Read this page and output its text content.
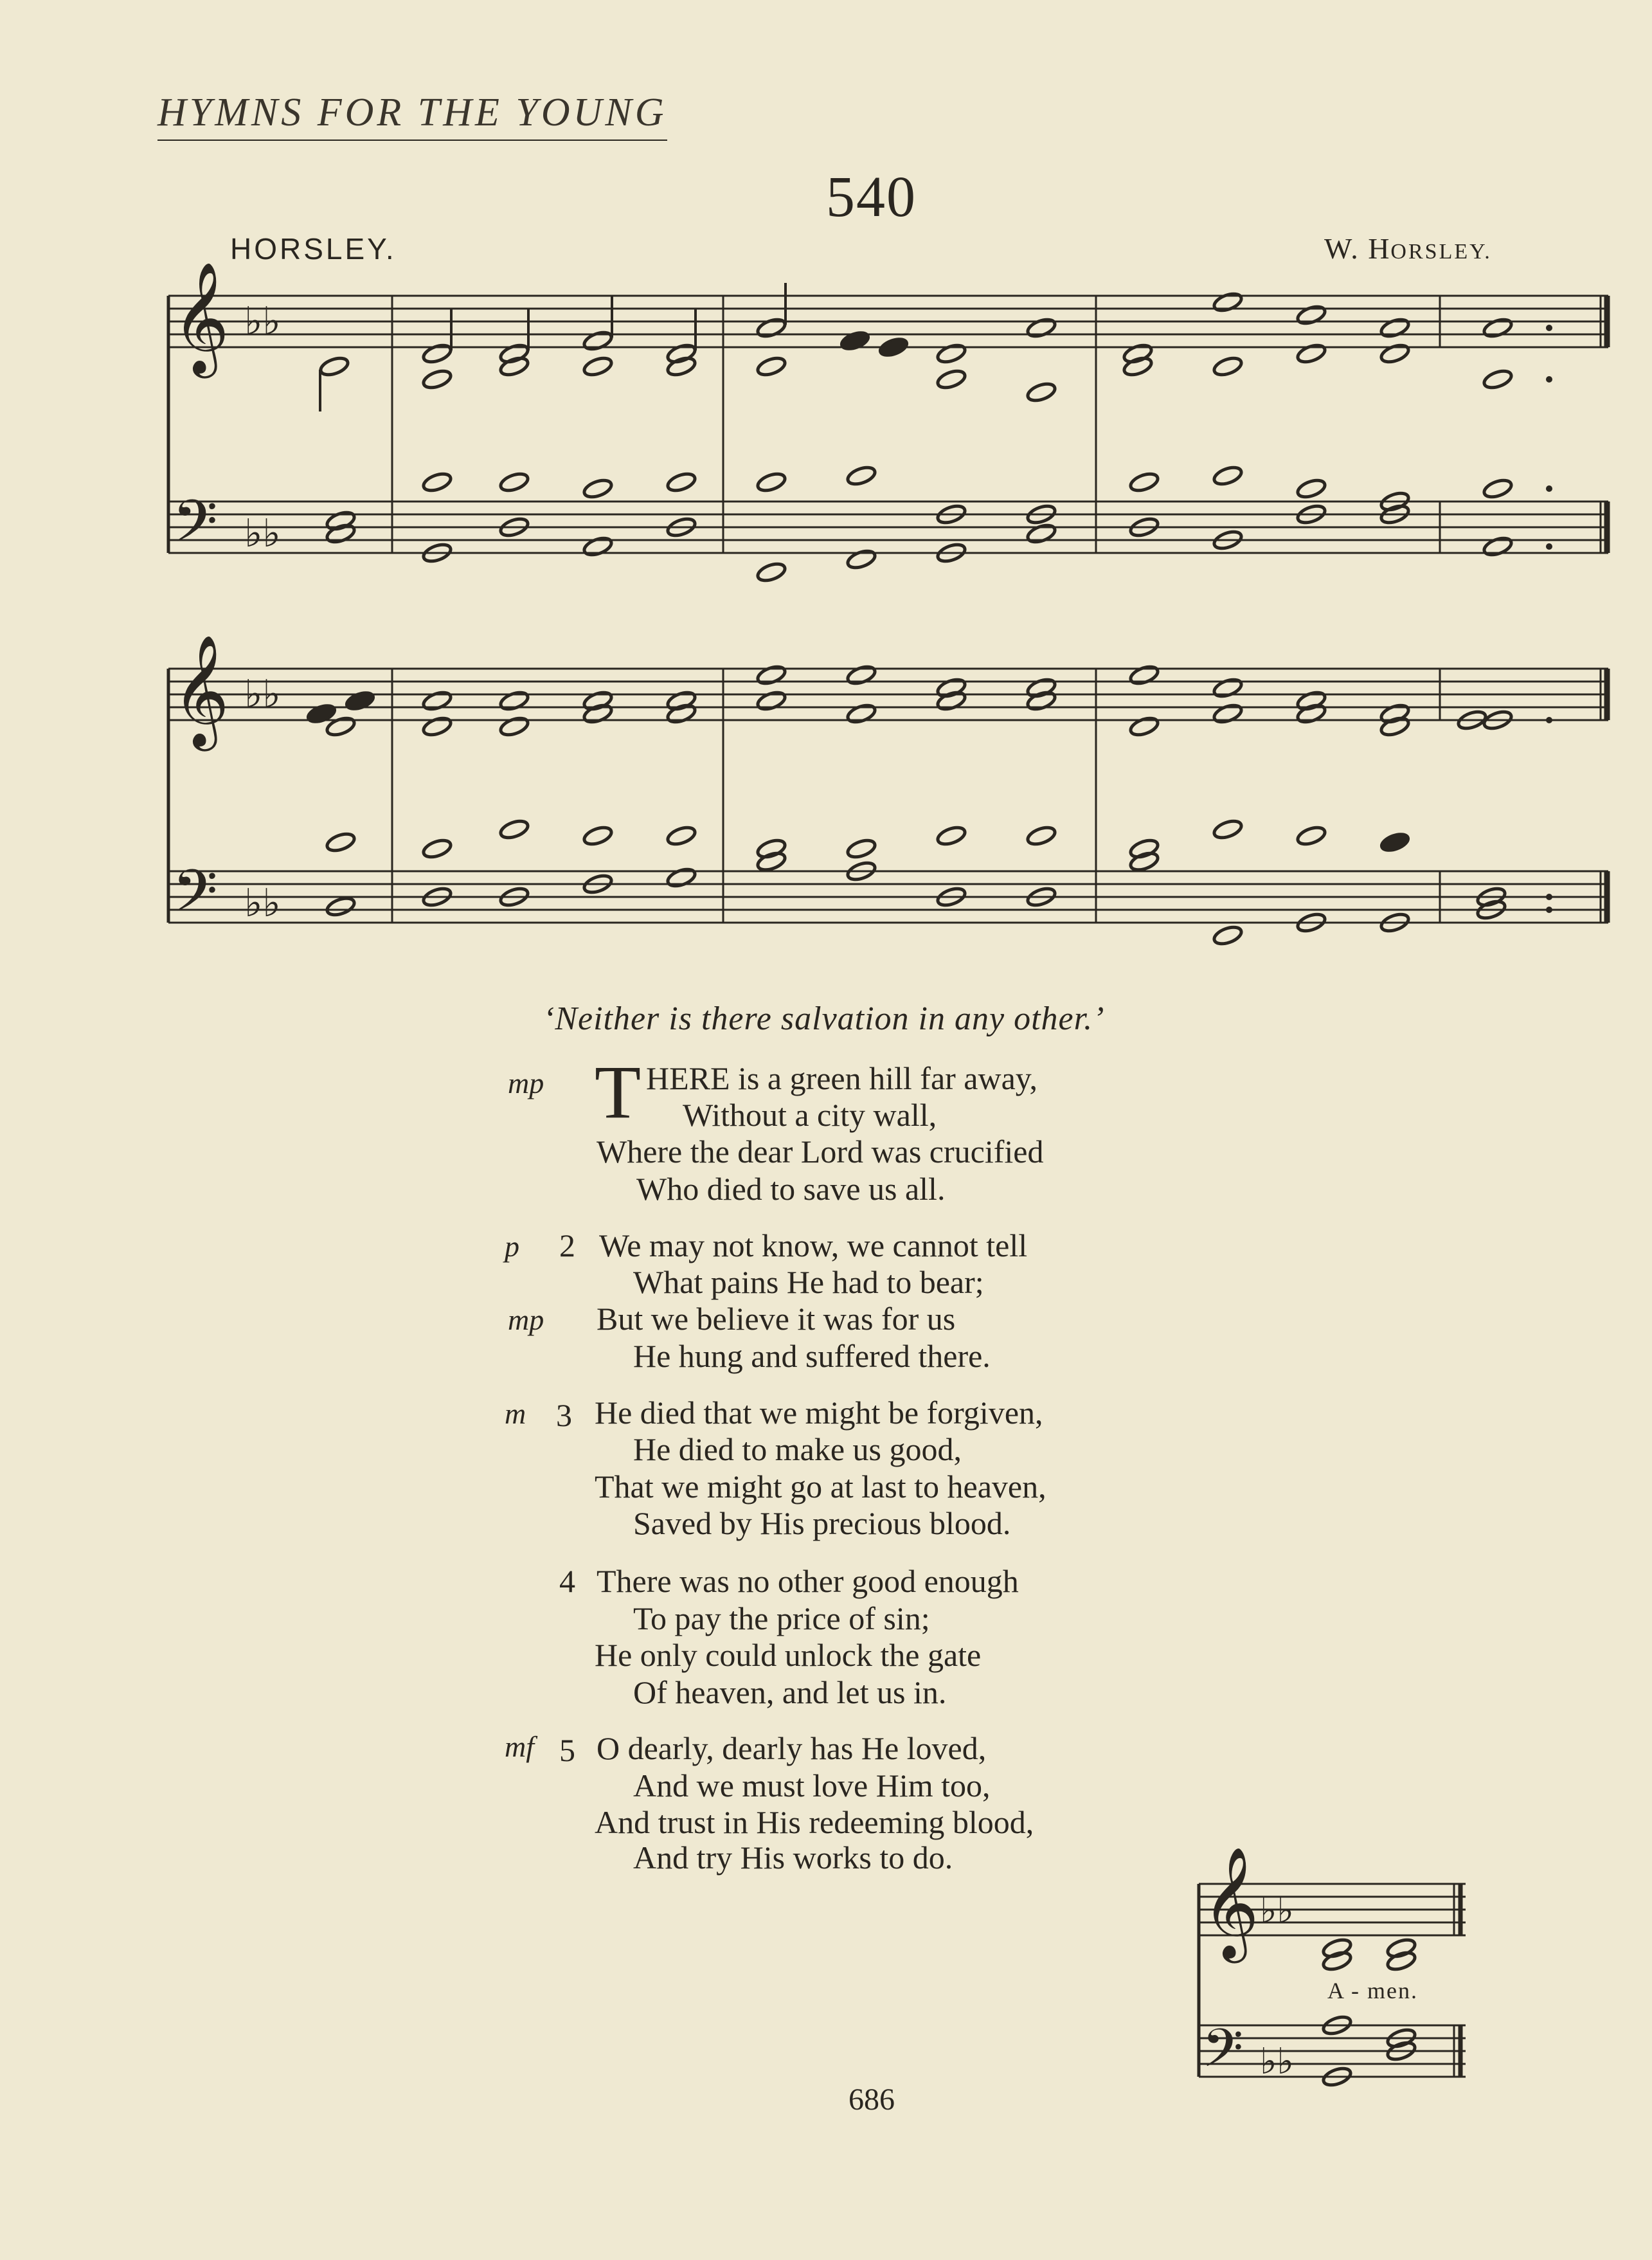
HYMNS FOR THE YOUNG
540
HORSLEY.	W. HORSLEY.
𝄞 ♭♭
𝄢 ♭♭
𝄞 ♭♭
𝄢 ♭♭
𝄞 ♭♭
𝄢 ♭♭
A - men.
‘Neither is there salvation in any other.’
mp T HERE is a green hill far away,
Without a city wall,
Where the dear Lord was crucified
Who died to save us all.
p 2 We may not know, we cannot tell
What pains He had to bear;
mp But we believe it was for us
He hung and suffered there.
m 3 He died that we might be forgiven,
He died to make us good,
That we might go at last to heaven,
Saved by His precious blood.
4 There was no other good enough
To pay the price of sin;
He only could unlock the gate
Of heaven, and let us in.
mf 5 O dearly, dearly has He loved,
And we must love Him too,
And trust in His redeeming blood,
And try His works to do.
686
